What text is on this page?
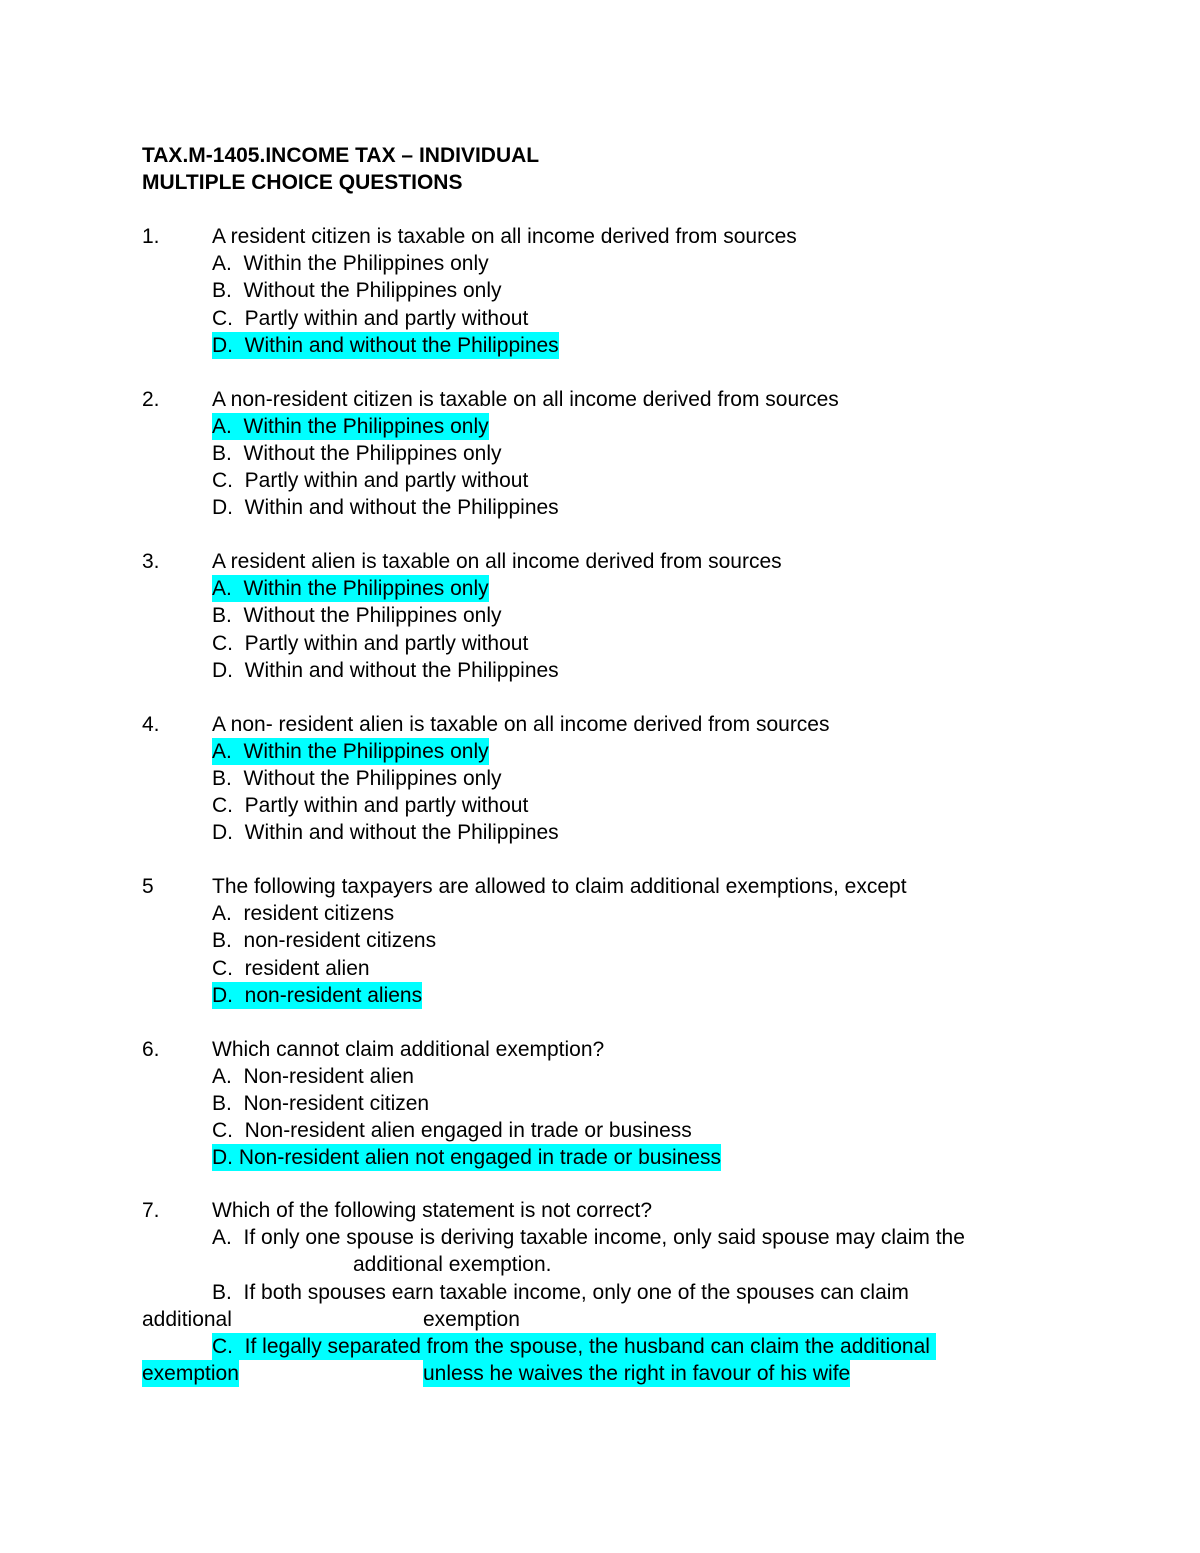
TAX.M-1405.INCOME TAX – INDIVIDUAL
MULTIPLE CHOICE QUESTIONS
1. A resident citizen is taxable on all income derived from sources
A.  Within the Philippines only
B.  Without the Philippines only
C.  Partly within and partly without
D.  Within and without the Philippines
2. A non-resident citizen is taxable on all income derived from sources
A.  Within the Philippines only
B.  Without the Philippines only
C.  Partly within and partly without
D.  Within and without the Philippines
3. A resident alien is taxable on all income derived from sources
A.  Within the Philippines only
B.  Without the Philippines only
C.  Partly within and partly without
D.  Within and without the Philippines
4. A non- resident alien is taxable on all income derived from sources
A.  Within the Philippines only
B.  Without the Philippines only
C.  Partly within and partly without
D.  Within and without the Philippines
5	The following taxpayers are allowed to claim additional exemptions, except
A.  resident citizens
B.  non-resident citizens
C.  resident alien
D.  non-resident aliens
6. Which cannot claim additional exemption?
A.  Non-resident alien
B.  Non-resident citizen
C.  Non-resident alien engaged in trade or business
D. Non-resident alien not engaged in trade or business
7. Which of the following statement is not correct?
A.  If only one spouse is deriving taxable income, only said spouse may claim the
additional exemption.
B.  If both spouses earn taxable income, only one of the spouses can claim
additional	exemption
C.  If legally separated from the spouse, the husband can claim the additional
exemption	unless he waives the right in favour of his wife
